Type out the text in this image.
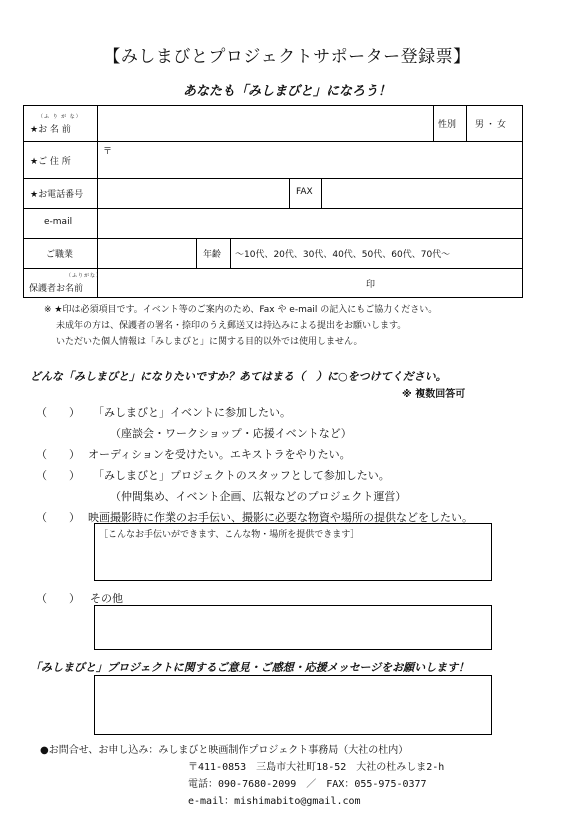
【みしまびとプロジェクトサポーター登録票】
あなたも「みしまびと」になろう！
（ふ り が な）
★お 名 前	性別 男・女
★ご 住 所
〒
★お電話番号	FAX
e-mail
ご職業	年齢 ～10代、20代、30代、40代、50代、60代、70代～
（ふりがな）
保護者お名前	印
※ ★印は必須項目です。イベント等のご案内のため、Fax や e-mail の記入にもご協力ください。
未成年の方は、保護者の署名・捺印のうえ郵送又は持込みによる提出をお願いします。
いただいた個人情報は「みしまびと」に関する目的以外では使用しません。
どんな「みしまびと」になりたいですか？あてはまる（　）に○をつけてください。
※ 複数回答可
（　　） 「みしまびと」イベントに参加したい。
（座談会・ワークショップ・応援イベントなど）
（　　） オーディションを受けたい。エキストラをやりたい。
（　　） 「みしまびと」プロジェクトのスタッフとして参加したい。
（仲間集め、イベント企画、広報などのプロジェクト運営）
（　　） 映画撮影時に作業のお手伝い、撮影に必要な物資や場所の提供などをしたい。
［こんなお手伝いができます、こんな物・場所を提供できます］
（　　） その他
「みしまびと」プロジェクトに関するご意見・ご感想・応援メッセージをお願いします！
●お問合せ、お申し込み：みしまびと映画制作プロジェクト事務局（大社の杜内）
〒411-0853　三島市大社町18-52　大社の杜みしま2-h
電話：090-7680-2099　／　FAX：055-975-0377
e-mail：mishimabito@gmail.com
